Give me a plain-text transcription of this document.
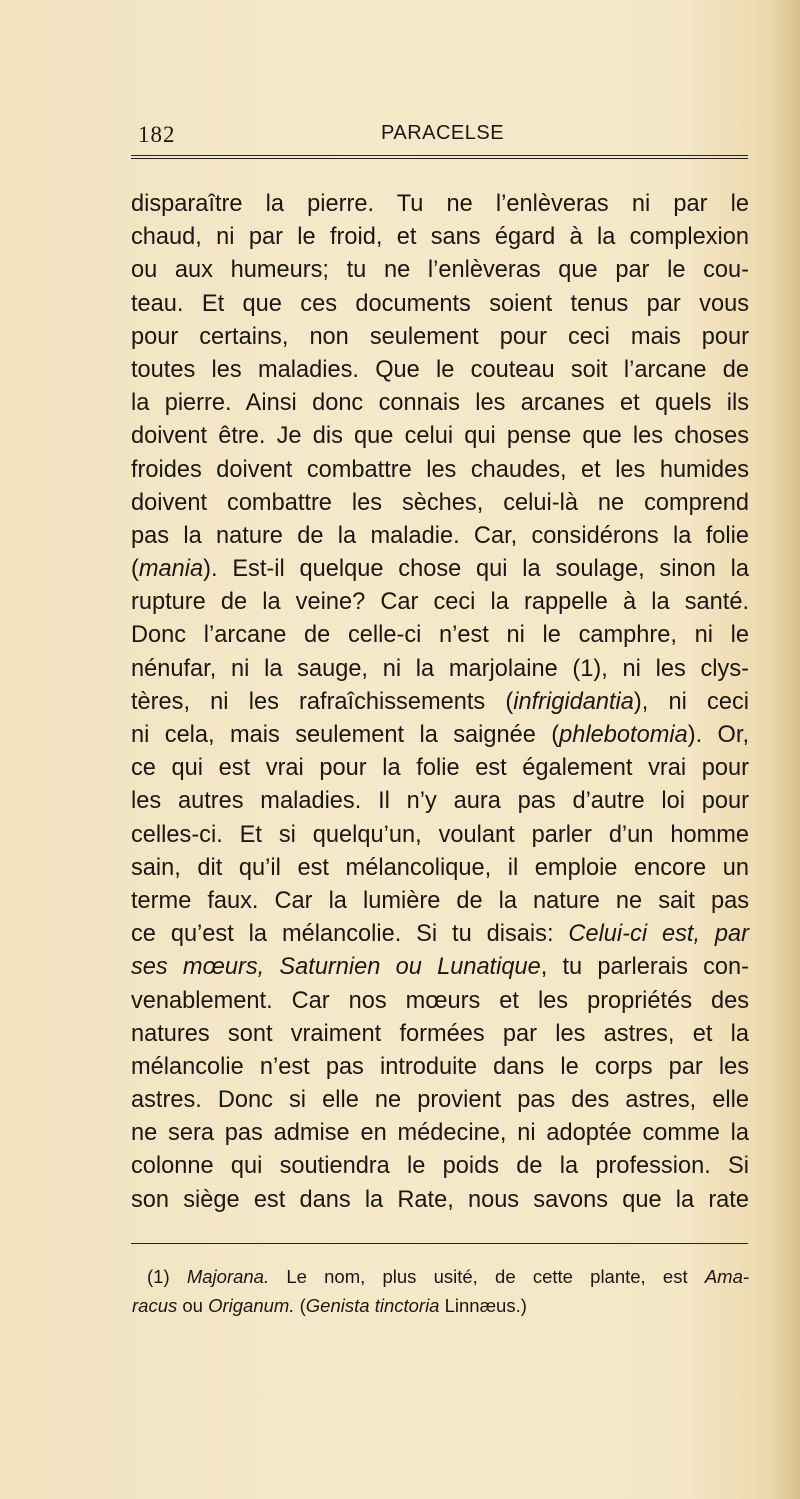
182	PARACELSE
disparaître la pierre. Tu ne l’enlèveras ni par le
chaud, ni par le froid, et sans égard à la complexion
ou aux humeurs; tu ne l’enlèveras que par le cou-
teau. Et que ces documents soient tenus par vous
pour certains, non seulement pour ceci mais pour
toutes les maladies. Que le couteau soit l’arcane de
la pierre. Ainsi donc connais les arcanes et quels ils
doivent être. Je dis que celui qui pense que les choses
froides doivent combattre les chaudes, et les humides
doivent combattre les sèches, celui-là ne comprend
pas la nature de la maladie. Car, considérons la folie
(mania). Est-il quelque chose qui la soulage, sinon la
rupture de la veine? Car ceci la rappelle à la santé.
Donc l’arcane de celle-ci n’est ni le camphre, ni le
nénufar, ni la sauge, ni la marjolaine (1), ni les clys-
tères, ni les rafraîchissements (infrigidantia), ni ceci
ni cela, mais seulement la saignée (phlebotomia). Or,
ce qui est vrai pour la folie est également vrai pour
les autres maladies. Il n’y aura pas d’autre loi pour
celles-ci. Et si quelqu’un, voulant parler d’un homme
sain, dit qu’il est mélancolique, il emploie encore un
terme faux. Car la lumière de la nature ne sait pas
ce qu’est la mélancolie. Si tu disais: Celui-ci est, par
ses mœurs, Saturnien ou Lunatique, tu parlerais con-
venablement. Car nos mœurs et les propriétés des
natures sont vraiment formées par les astres, et la
mélancolie n’est pas introduite dans le corps par les
astres. Donc si elle ne provient pas des astres, elle
ne sera pas admise en médecine, ni adoptée comme la
colonne qui soutiendra le poids de la profession. Si
son siège est dans la Rate, nous savons que la rate
(1) Majorana. Le nom, plus usité, de cette plante, est Ama-
racus ou Origanum. (Genista tinctoria Linnæus.)
